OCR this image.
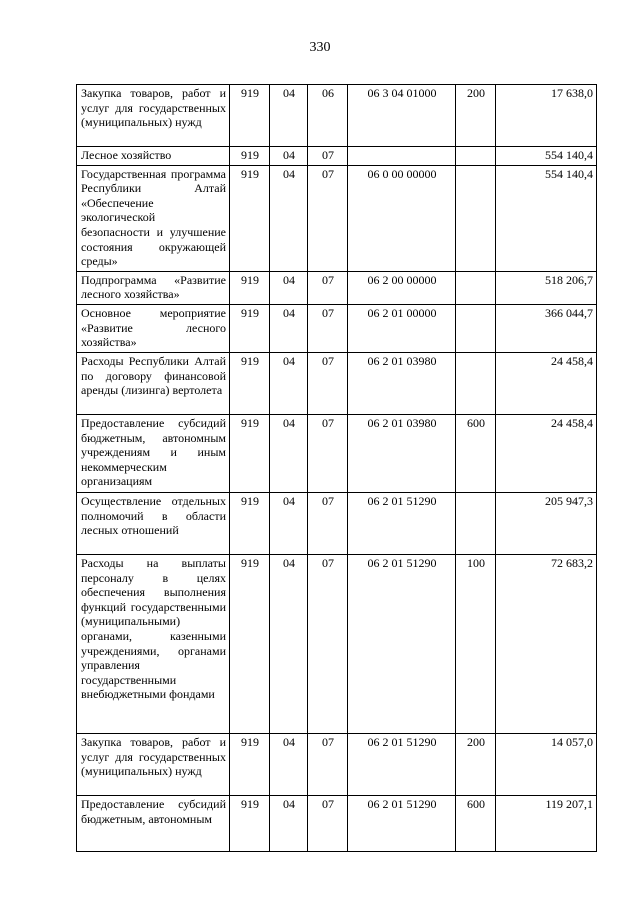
330
Закупка товаров, работ и услуг для государственных (муниципальных) нужд	919	04	06	06 3 04 01000	200	17 638,0
Лесное хозяйство	919	04	07			554 140,4
Государственная программа Республики Алтай «Обеспечение экологической безопасности и улучшение состояния окружающей среды»	919	04	07	06 0 00 00000		554 140,4
Подпрограмма «Развитие лесного хозяйства»	919	04	07	06 2 00 00000		518 206,7
Основное мероприятие «Развитие лесного хозяйства»	919	04	07	06 2 01 00000		366 044,7
Расходы Республики Алтай по договору финансовой аренды (лизинга) вертолета	919	04	07	06 2 01 03980		24 458,4
Предоставление субсидий бюджетным, автономным учреждениям и иным некоммерческим организациям	919	04	07	06 2 01 03980	600	24 458,4
Осуществление отдельных полномочий в области лесных отношений	919	04	07	06 2 01 51290		205 947,3
Расходы на выплаты персоналу в целях обеспечения выполнения функций государственными (муниципальными) органами, казенными учреждениями, органами управления государственными внебюджетными фондами	919	04	07	06 2 01 51290	100	72 683,2
Закупка товаров, работ и услуг для государственных (муниципальных) нужд	919	04	07	06 2 01 51290	200	14 057,0
Предоставление субсидий бюджетным, автономным	919	04	07	06 2 01 51290	600	119 207,1
